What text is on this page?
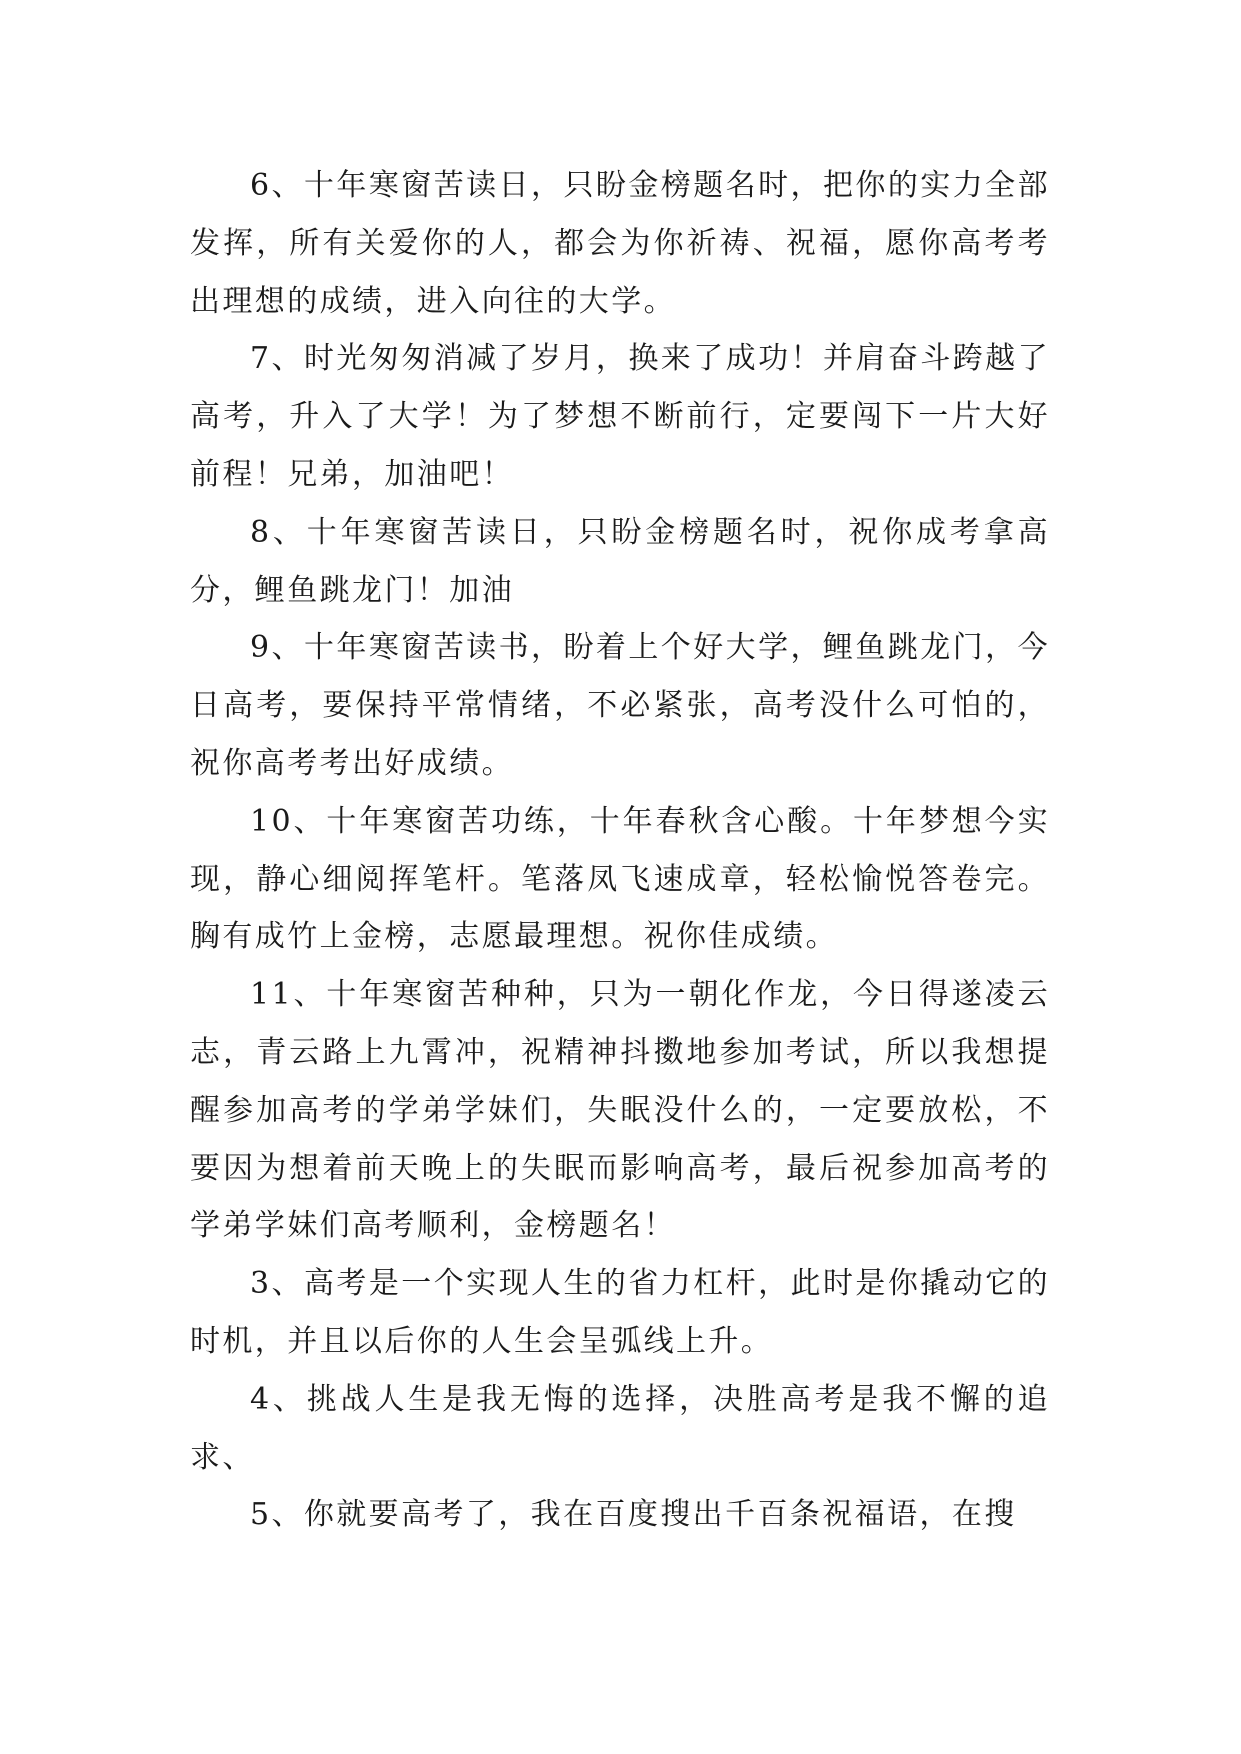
6、十年寒窗苦读日，只盼金榜题名时，把你的实力全部发挥，所有关爱你的人，都会为你祈祷、祝福，愿你高考考出理想的成绩，进入向往的大学。

7、时光匆匆消减了岁月，换来了成功！并肩奋斗跨越了高考，升入了大学！为了梦想不断前行，定要闯下一片大好前程！兄弟，加油吧！

8、十年寒窗苦读日，只盼金榜题名时，祝你成考拿高分，鲤鱼跳龙门！加油

9、十年寒窗苦读书，盼着上个好大学，鲤鱼跳龙门，今日高考，要保持平常情绪，不必紧张，高考没什么可怕的，祝你高考考出好成绩。

10、十年寒窗苦功练，十年春秋含心酸。十年梦想今实现，静心细阅挥笔杆。笔落凤飞速成章，轻松愉悦答卷完。胸有成竹上金榜，志愿最理想。祝你佳成绩。

11、十年寒窗苦种种，只为一朝化作龙，今日得遂凌云志，青云路上九霄冲，祝精神抖擞地参加考试，所以我想提醒参加高考的学弟学妹们，失眠没什么的，一定要放松，不要因为想着前天晚上的失眠而影响高考，最后祝参加高考的学弟学妹们高考顺利，金榜题名！

3、高考是一个实现人生的省力杠杆，此时是你撬动它的时机，并且以后你的人生会呈弧线上升。

4、挑战人生是我无悔的选择，决胜高考是我不懈的追求、

5、你就要高考了，我在百度搜出千百条祝福语，在搜
